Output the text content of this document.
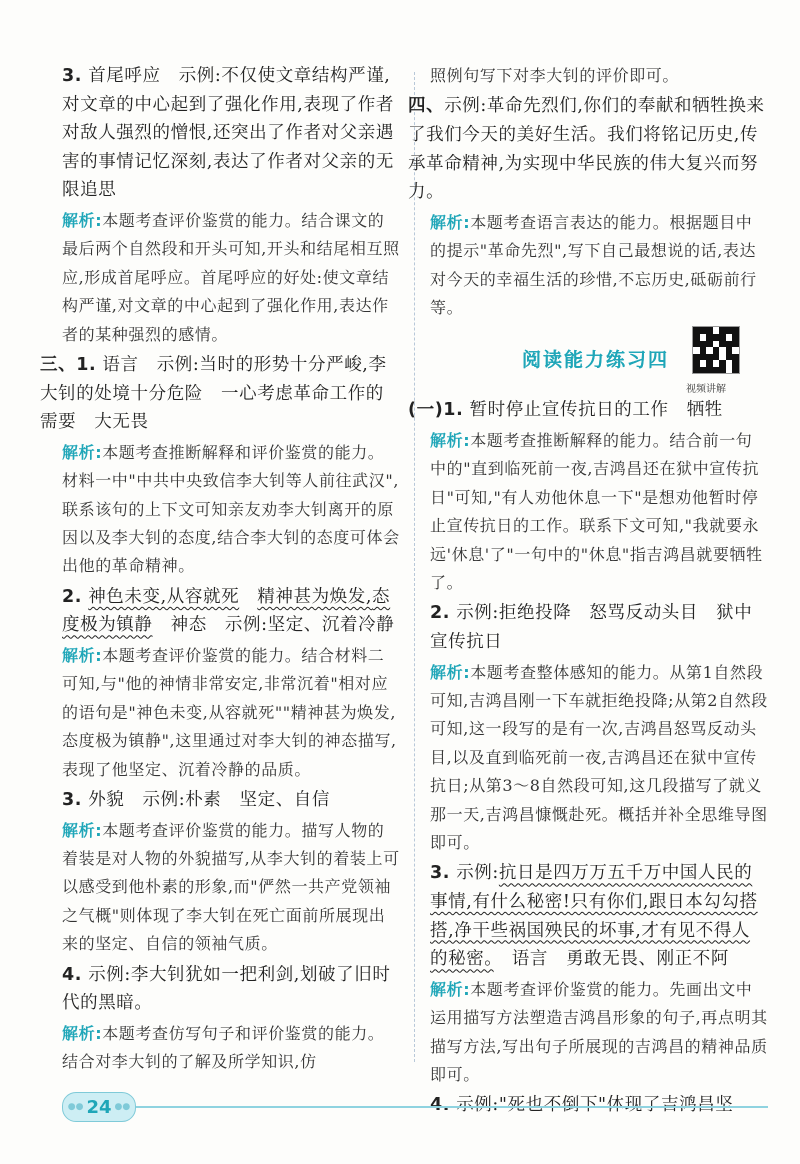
3. 首尾呼应　示例:不仅使文章结构严谨,对文章的中心起到了强化作用,表现了作者对敌人强烈的憎恨,还突出了作者对父亲遇害的事情记忆深刻,表达了作者对父亲的无限追思

解析:本题考查评价鉴赏的能力。结合课文的最后两个自然段和开头可知,开头和结尾相互照应,形成首尾呼应。首尾呼应的好处:使文章结构严谨,对文章的中心起到了强化作用,表达作者的某种强烈的感情。

三、1. 语言　示例:当时的形势十分严峻,李大钊的处境十分危险　一心考虑革命工作的需要　大无畏

解析:本题考查推断解释和评价鉴赏的能力。材料一中"中共中央致信李大钊等人前往武汉",联系该句的上下文可知亲友劝李大钊离开的原因以及李大钊的态度,结合李大钊的态度可体会出他的革命精神。

2. 神色未变,从容就死　 精神甚为焕发,态度极为镇静　 神态　示例:坚定、沉着冷静

解析:本题考查评价鉴赏的能力。结合材料二可知,与"他的神情非常安定,非常沉着"相对应的语句是"神色未变,从容就死""精神甚为焕发,态度极为镇静",这里通过对李大钊的神态描写,表现了他坚定、沉着冷静的品质。

3. 外貌　示例:朴素　坚定、自信

解析:本题考查评价鉴赏的能力。描写人物的着装是对人物的外貌描写,从李大钊的着装上可以感受到他朴素的形象,而"俨然一共产党领袖之气概"则体现了李大钊在死亡面前所展现出来的坚定、自信的领袖气质。

4. 示例:李大钊犹如一把利剑,划破了旧时代的黑暗。

解析:本题考查仿写句子和评价鉴赏的能力。结合对李大钊的了解及所学知识,仿

照例句写下对李大钊的评价即可。

四、示例:革命先烈们,你们的奉献和牺牲换来了我们今天的美好生活。我们将铭记历史,传承革命精神,为实现中华民族的伟大复兴而努力。

解析:本题考查语言表达的能力。根据题目中的提示"革命先烈",写下自己最想说的话,表达对今天的幸福生活的珍惜,不忘历史,砥砺前行等。

阅读能力练习四
视频讲解

(一)1. 暂时停止宣传抗日的工作　牺牲

解析:本题考查推断解释的能力。结合前一句中的"直到临死前一夜,吉鸿昌还在狱中宣传抗日"可知,"有人劝他休息一下"是想劝他暂时停止宣传抗日的工作。联系下文可知,"我就要永远'休息'了"一句中的"休息"指吉鸿昌就要牺牲了。

2. 示例:拒绝投降　怒骂反动头目　狱中宣传抗日

解析:本题考查整体感知的能力。从第1自然段可知,吉鸿昌刚一下车就拒绝投降;从第2自然段可知,这一段写的是有一次,吉鸿昌怒骂反动头目,以及直到临死前一夜,吉鸿昌还在狱中宣传抗日;从第3～8自然段可知,这几段描写了就义那一天,吉鸿昌慷慨赴死。概括并补全思维导图即可。

3. 示例:抗日是四万万五千万中国人民的事情,有什么秘密!只有你们,跟日本勾勾搭搭,净干些祸国殃民的坏事,才有见不得人的秘密。　 语言　勇敢无畏、刚正不阿

解析:本题考查评价鉴赏的能力。先画出文中运用描写方法塑造吉鸿昌形象的句子,再点明其描写方法,写出句子所展现的吉鸿昌的精神品质即可。

4. 示例:"死也不倒下"体现了吉鸿昌坚

●● 24 ●●
